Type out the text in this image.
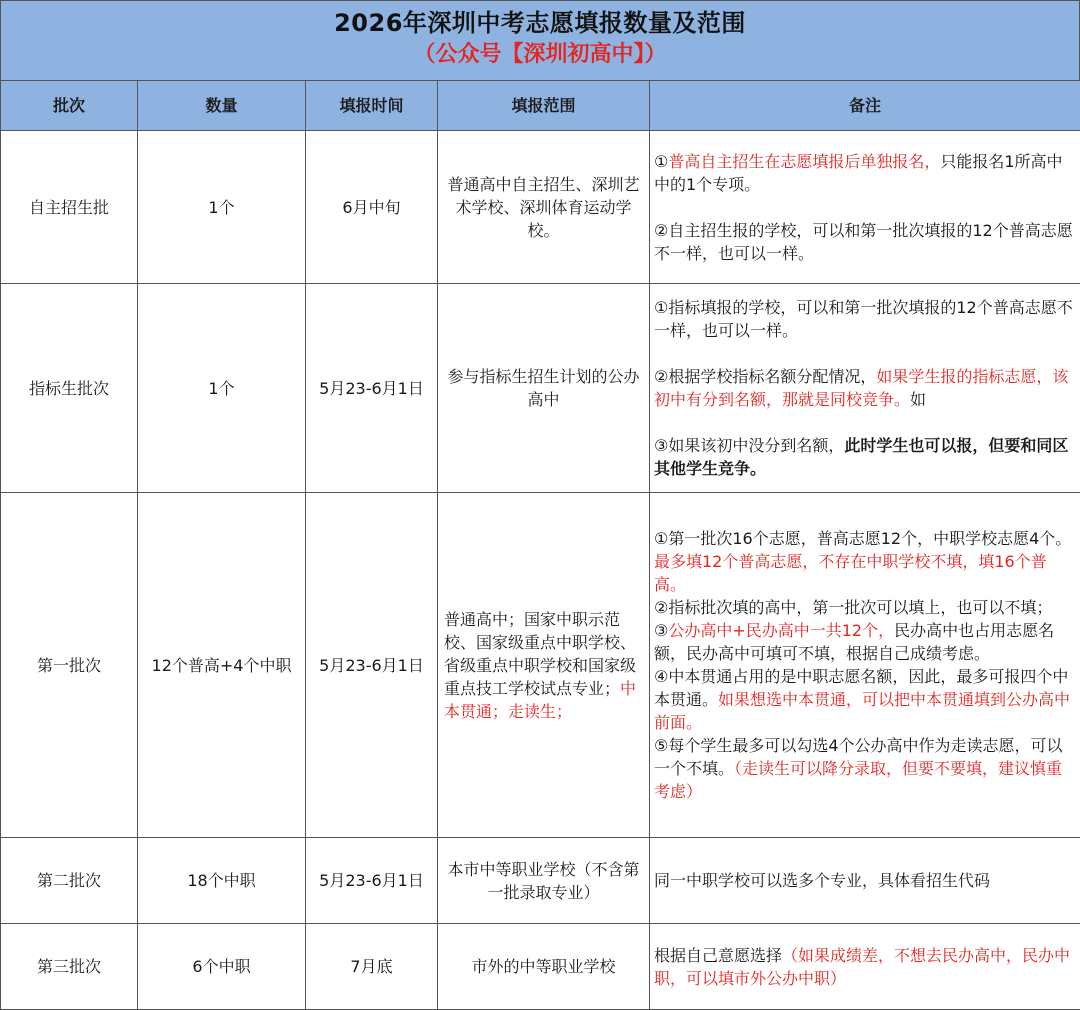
2026年深圳中考志愿填报数量及范围
（公众号【深圳初高中】）
批次	数量	填报时间	填报范围	备注
自主招生批	1个	6月中旬	普通高中自主招生、深圳艺术学校、深圳体育运动学校。	①普高自主招生在志愿填报后单独报名，只能报名1所高中中的1个专项。
②自主招生报的学校，可以和第一批次填报的12个普高志愿不一样，也可以一样。

指标生批次	1个	5月23-6月1日	参与指标生招生计划的公办高中	①指标填报的学校，可以和第一批次填报的12个普高志愿不一样，也可以一样。
②根据学校指标名额分配情况，如果学生报的指标志愿，该初中有分到名额，那就是同校竞争。如
③如果该初中没分到名额，此时学生也可以报，但要和同区其他学生竞争。

第一批次	12个普高+4个中职	5月23-6月1日	普通高中；国家中职示范校、国家级重点中职学校、省级重点中职学校和国家级重点技工学校试点专业；中本贯通；走读生；	①第一批次16个志愿，普高志愿12个，中职学校志愿4个。最多填12个普高志愿，不存在中职学校不填，填16个普高。
②指标批次填的高中，第一批次可以填上，也可以不填；
③公办高中+民办高中一共12个，民办高中也占用志愿名额，民办高中可填可不填，根据自己成绩考虑。
④中本贯通占用的是中职志愿名额，因此，最多可报四个中本贯通。如果想选中本贯通，可以把中本贯通填到公办高中前面。
⑤每个学生最多可以勾选4个公办高中作为走读志愿，可以一个不填。（走读生可以降分录取，但要不要填，建议慎重考虑）

第二批次	18个中职	5月23-6月1日	本市中等职业学校（不含第一批录取专业）	同一中职学校可以选多个专业，具体看招生代码

第三批次	6个中职	7月底	市外的中等职业学校	根据自己意愿选择（如果成绩差，不想去民办高中，民办中职，可以填市外公办中职）
